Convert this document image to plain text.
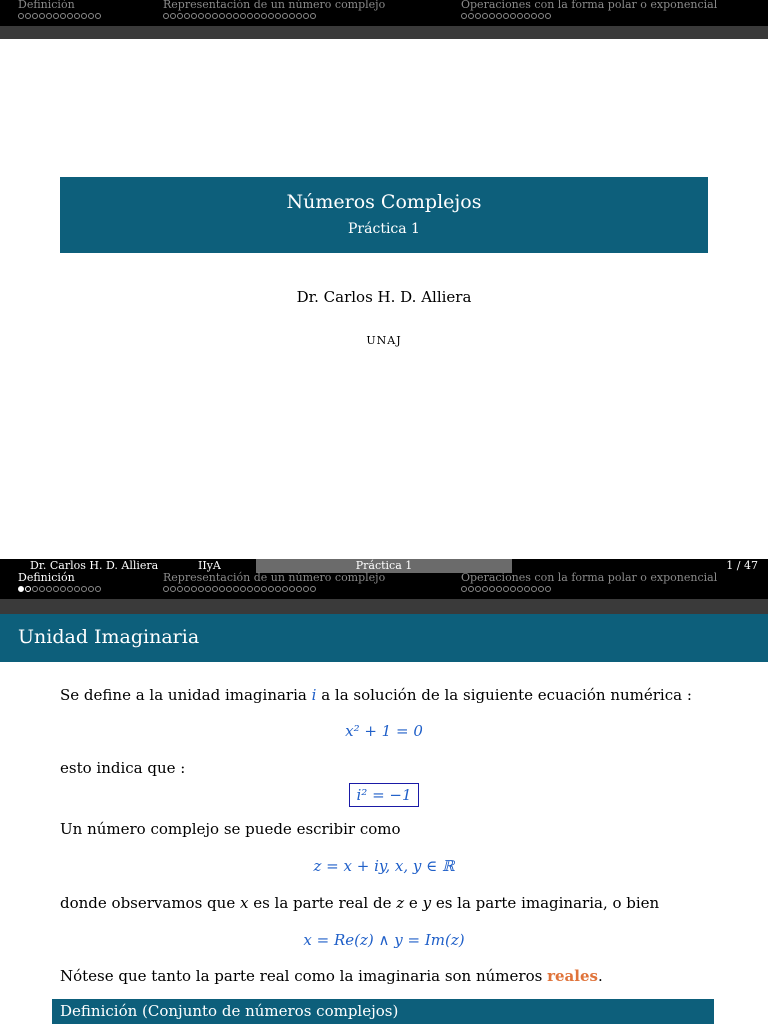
Definición	Representación de un número complejo	Operaciones con la forma polar o exponencial
Números Complejos
Práctica 1
Dr. Carlos H. D. Alliera
UNAJ
Dr. Carlos H. D. Alliera	IIyA	Práctica 1	1 / 47
Definición	Representación de un número complejo	Operaciones con la forma polar o exponencial
Unidad Imaginaria
Se define a la unidad imaginaria i a la solución de la siguiente ecuación numérica :
x² + 1 = 0
esto indica que :
i² = −1
Un número complejo se puede escribir como
z = x + iy, x, y ∈ ℝ
donde observamos que x es la parte real de z e y es la parte imaginaria, o bien
x = Re(z) ∧ y = Im(z)
Nótese que tanto la parte real como la imaginaria son números reales.
Definición (Conjunto de números complejos)
